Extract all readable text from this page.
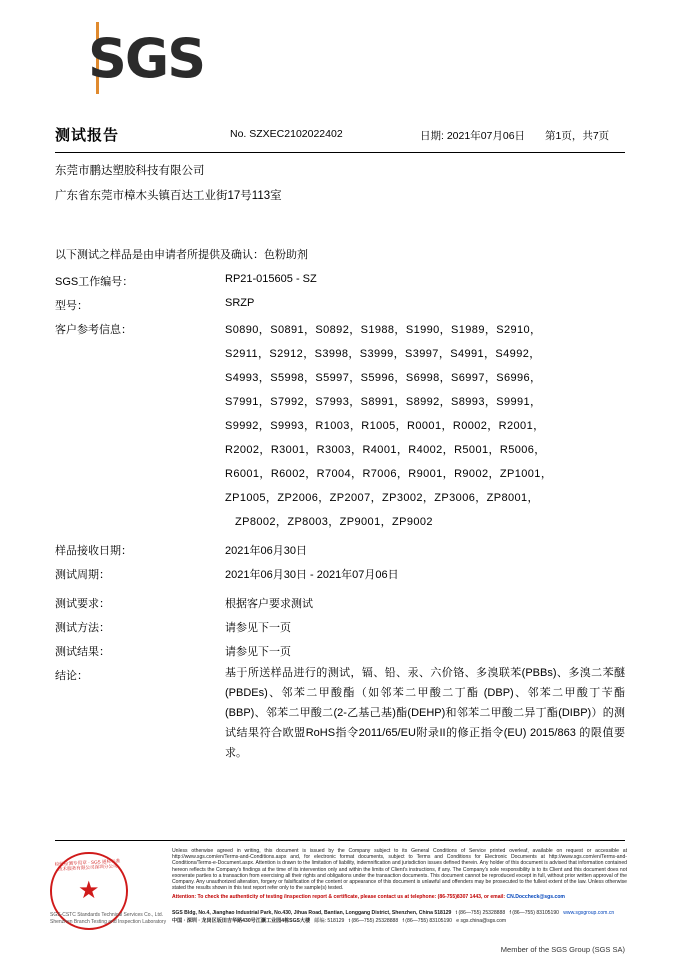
SGS
测试报告	No. SZXEC2102022402	日期: 2021年07月06日 第1页，共7页
东莞市鹏达塑胶科技有限公司
广东省东莞市樟木头镇百达工业街17号113室
以下测试之样品是由申请者所提供及确认：色粉助剂
SGS工作编号：	RP21-015605 - SZ
型号：	SRZP
客户参考信息：	S0890，S0891，S0892，S1988，S1990，S1989，S2910，
S2911，S2912，S3998，S3999，S3997，S4991，S4992，
S4993，S5998，S5997，S5996，S6998，S6997，S6996，
S7991，S7992，S7993，S8991，S8992，S8993，S9991，
S9992，S9993，R1003，R1005，R0001，R0002，R2001，
R2002，R3001，R3003，R4001，R4002，R5001，R5006，
R6001，R6002，R7004，R7006，R9001，R9002，ZP1001，
ZP1005，ZP2006，ZP2007，ZP3002，ZP3006，ZP8001，
ZP8002，ZP8003，ZP9001，ZP9002
样品接收日期：	2021年06月30日
测试周期：	2021年06月30日 - 2021年07月06日
测试要求：	根据客户要求测试
测试方法：	请参见下一页
测试结果：	请参见下一页
结论：	基于所送样品进行的测试，镉、铅、汞、六价铬、多溴联苯(PBBs)、多溴二苯醚(PBDEs)、邻苯二甲酸酯（如邻苯二甲酸二丁酯 (DBP)、邻苯二甲酸丁苄酯(BBP)、邻苯二甲酸二(2-乙基己基)酯(DEHP)和邻苯二甲酸二异丁酯(DIBP)）的测试结果符合欧盟RoHS指令2011/65/EU附录II的修正指令(EU) 2015/863 的限值要求。
检验检测专用章 · SGS 通标标准技术服务有限公司深圳分公司
★
SGS-CSTC Standards Technical Services Co., Ltd.
Shenzhen Branch Testing and Inspection Laboratory
Unless otherwise agreed in writing, this document is issued by the Company subject to its General Conditions of Service printed overleaf, available on request or accessible at http://www.sgs.com/en/Terms-and-Conditions.aspx and, for electronic format documents, subject to Terms and Conditions for Electronic Documents at http://www.sgs.com/en/Terms-and-Conditions/Terms-e-Document.aspx. Attention is drawn to the limitation of liability, indemnification and jurisdiction issues defined therein. Any holder of this document is advised that information contained hereon reflects the Company's findings at the time of its intervention only and within the limits of Client's instructions, if any. The Company's sole responsibility is to its Client and this document does not exonerate parties to a transaction from exercising all their rights and obligations under the transaction documents. This document cannot be reproduced except in full, without prior written approval of the Company. Any unauthorized alteration, forgery or falsification of the content or appearance of this document is unlawful and offenders may be prosecuted to the fullest extent of the law. Unless otherwise stated the results shown in this test report refer only to the sample(s) tested.
Attention: To check the authenticity of testing /inspection report & certificate, please contact us at telephone: (86-755)8307 1443, or email: CN.Doccheck@sgs.com
SGS Bldg, No.4, Jianghao Industrial Park, No.430, Jihua Road, Bantian, Longgang District, Shenzhen, China 518129 t (86—755) 25328888 f (86—755) 83105190 www.sgsgroup.com.cn
中国 · 深圳 · 龙岗区坂田吉华路430号江灏工业园4栋SGS大楼 邮编: 518129 t (86—755) 25328888 f (86—755) 83105190 e sgs.china@sgs.com
Member of the SGS Group (SGS SA)
